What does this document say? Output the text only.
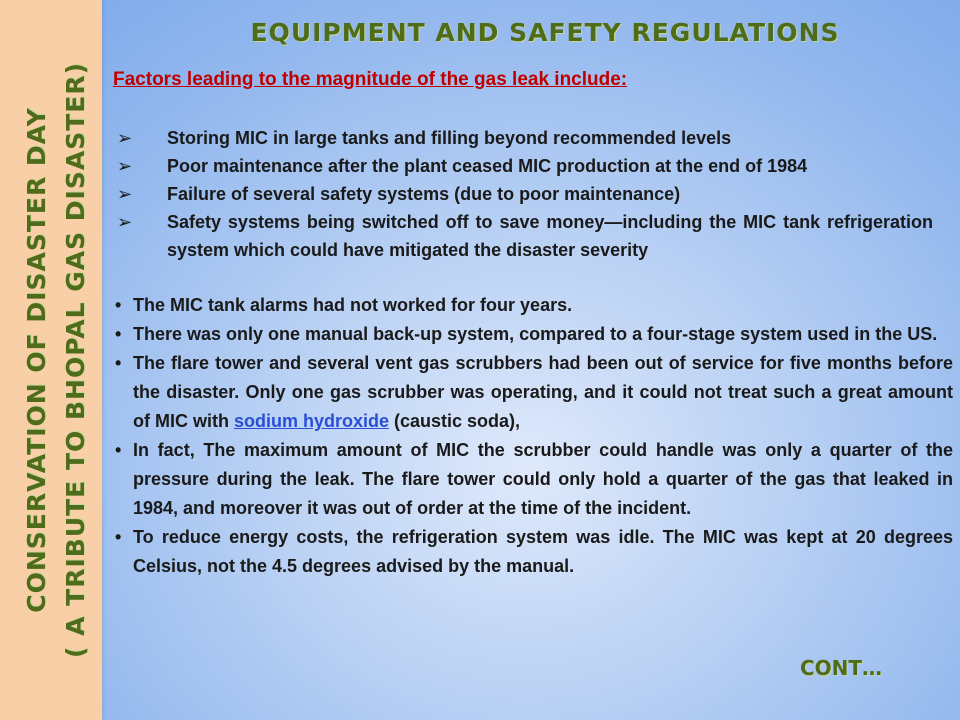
CONSERVATION OF DISASTER DAY ( A TRIBUTE TO BHOPAL GAS DISASTER)
EQUIPMENT AND SAFETY REGULATIONS
Factors leading to the magnitude of the gas leak include:
➢ Storing MIC in large tanks and filling beyond recommended levels
➢ Poor maintenance after the plant ceased MIC production at the end of 1984
➢ Failure of several safety systems (due to poor maintenance)
➢ Safety systems being switched off to save money—including the MIC tank refrigeration system which could have mitigated the disaster severity
• The MIC tank alarms had not worked for four years.
• There was only one manual back-up system, compared to a four-stage system used in the US.
• The flare tower and several vent gas scrubbers had been out of service for five months before the disaster. Only one gas scrubber was operating, and it could not treat such a great amount of MIC with sodium hydroxide (caustic soda),
• In fact, The maximum amount of MIC the scrubber could handle was only a quarter of the pressure during the leak. The flare tower could only hold a quarter of the gas that leaked in 1984, and moreover it was out of order at the time of the incident.
• To reduce energy costs, the refrigeration system was idle. The MIC was kept at 20 degrees Celsius, not the 4.5 degrees advised by the manual.
CONT…
